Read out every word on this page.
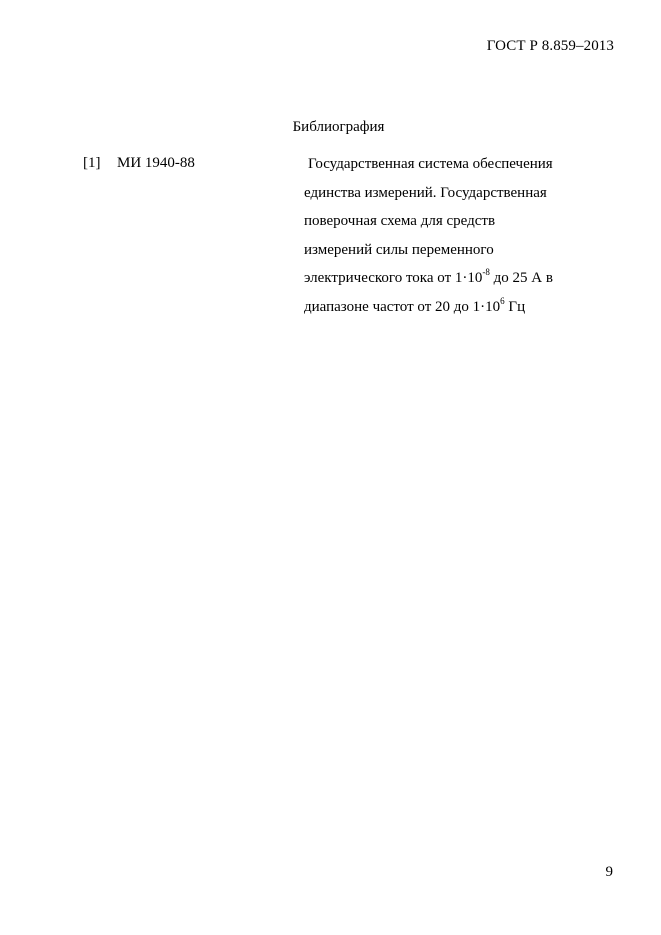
ГОСТ Р 8.859–2013
Библиография
[1] МИ 1940-88	Государственная система обеспечения
единства измерений. Государственная
поверочная схема для средств
измерений силы переменного
электрического тока от $1\cdot 10^{-8}$ до 25 А в
диапазоне частот от 20 до $1\cdot 10^6$ Гц
9
